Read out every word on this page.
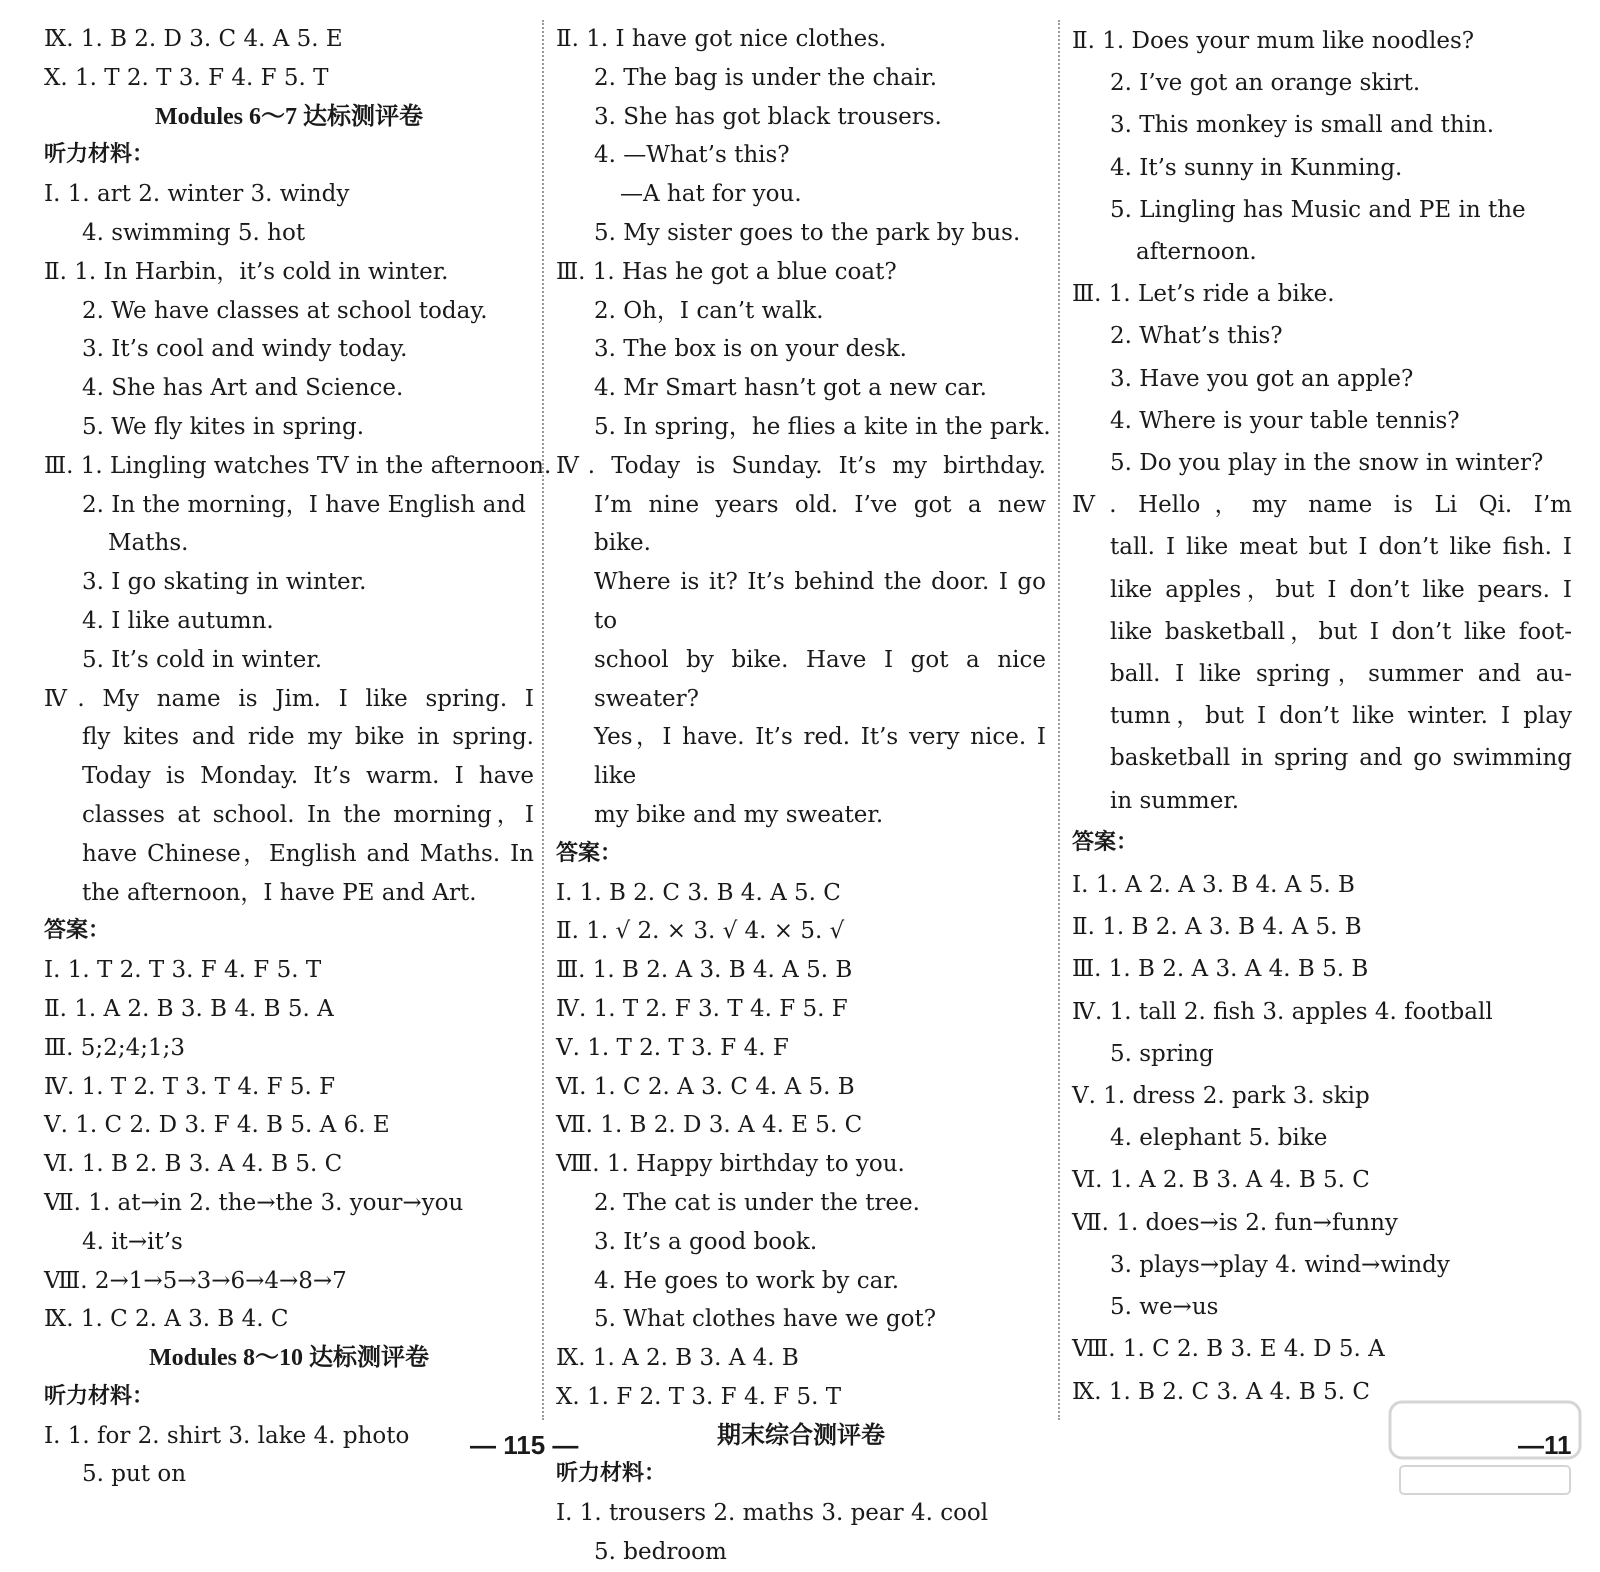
Ⅸ. 1. B 2. D 3. C 4. A 5. E
Ⅹ. 1. T 2. T 3. F 4. F 5. T
Modules 6～7 达标测评卷
听力材料：
Ⅰ. 1. art 2. winter 3. windy
4. swimming 5. hot
Ⅱ. 1. In Harbin，it’s cold in winter.
2. We have classes at school today.
3. It’s cool and windy today.
4. She has Art and Science.
5. We fly kites in spring.
Ⅲ. 1. Lingling watches TV in the afternoon.
2. In the morning，I have English and
Maths.
3. I go skating in winter.
4. I like autumn.
5. It’s cold in winter.
Ⅳ. My name is Jim. I like spring. I
fly kites and ride my bike in spring.
Today is Monday. It’s warm. I have
classes at school. In the morning，I
have Chinese，English and Maths. In
the afternoon，I have PE and Art.
答案：
Ⅰ. 1. T 2. T 3. F 4. F 5. T
Ⅱ. 1. A 2. B 3. B 4. B 5. A
Ⅲ. 5;2;4;1;3
Ⅳ. 1. T 2. T 3. T 4. F 5. F
Ⅴ. 1. C 2. D 3. F 4. B 5. A 6. E
Ⅵ. 1. B 2. B 3. A 4. B 5. C
Ⅶ. 1. at→in 2. the→the 3. your→you
4. it→it’s
Ⅷ. 2→1→5→3→6→4→8→7
Ⅸ. 1. C 2. A 3. B 4. C
Modules 8～10 达标测评卷
听力材料：
Ⅰ. 1. for 2. shirt 3. lake 4. photo
5. put on
Ⅱ. 1. I have got nice clothes.
2. The bag is under the chair.
3. She has got black trousers.
4. —What’s this?
—A hat for you.
5. My sister goes to the park by bus.
Ⅲ. 1. Has he got a blue coat?
2. Oh，I can’t walk.
3. The box is on your desk.
4. Mr Smart hasn’t got a new car.
5. In spring，he flies a kite in the park.
Ⅳ. Today is Sunday. It’s my birthday.
I’m nine years old. I’ve got a new bike.
Where is it? It’s behind the door. I go to
school by bike. Have I got a nice sweater?
Yes，I have. It’s red. It’s very nice. I like
my bike and my sweater.
答案：
Ⅰ. 1. B 2. C 3. B 4. A 5. C
Ⅱ. 1. √ 2. × 3. √ 4. × 5. √
Ⅲ. 1. B 2. A 3. B 4. A 5. B
Ⅳ. 1. T 2. F 3. T 4. F 5. F
Ⅴ. 1. T 2. T 3. F 4. F
Ⅵ. 1. C 2. A 3. C 4. A 5. B
Ⅶ. 1. B 2. D 3. A 4. E 5. C
Ⅷ. 1. Happy birthday to you.
2. The cat is under the tree.
3. It’s a good book.
4. He goes to work by car.
5. What clothes have we got?
Ⅸ. 1. A 2. B 3. A 4. B
Ⅹ. 1. F 2. T 3. F 4. F 5. T
期末综合测评卷
听力材料：
Ⅰ. 1. trousers 2. maths 3. pear 4. cool
5. bedroom
Ⅱ. 1. Does your mum like noodles?
2. I’ve got an orange skirt.
3. This monkey is small and thin.
4. It’s sunny in Kunming.
5. Lingling has Music and PE in the
afternoon.
Ⅲ. 1. Let’s ride a bike.
2. What’s this?
3. Have you got an apple?
4. Where is your table tennis?
5. Do you play in the snow in winter?
Ⅳ. Hello，my name is Li Qi. I’m
tall. I like meat but I don’t like fish. I
like apples，but I don’t like pears. I
like basketball，but I don’t like foot-
ball. I like spring，summer and au-
tumn，but I don’t like winter. I play
basketball in spring and go swimming
in summer.
答案：
Ⅰ. 1. A 2. A 3. B 4. A 5. B
Ⅱ. 1. B 2. A 3. B 4. A 5. B
Ⅲ. 1. B 2. A 3. A 4. B 5. B
Ⅳ. 1. tall 2. fish 3. apples 4. football
5. spring
Ⅴ. 1. dress 2. park 3. skip
4. elephant 5. bike
Ⅵ. 1. A 2. B 3. A 4. B 5. C
Ⅶ. 1. does→is 2. fun→funny
3. plays→play 4. wind→windy
5. we→us
Ⅷ. 1. C 2. B 3. E 4. D 5. A
Ⅸ. 1. B 2. C 3. A 4. B 5. C
— 115 —	—11
